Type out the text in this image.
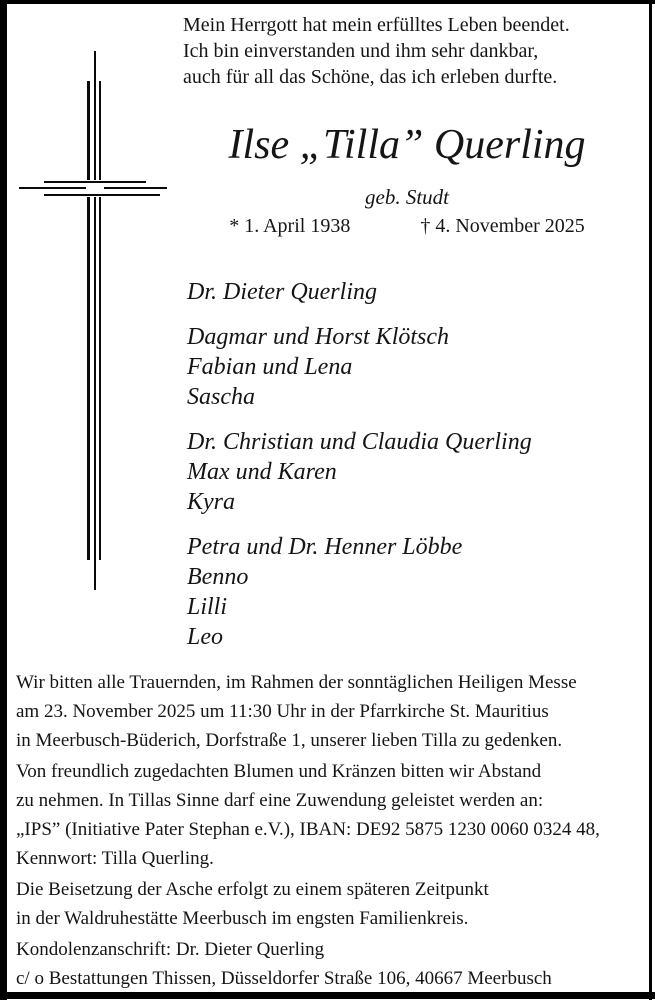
Mein Herrgott hat mein erfülltes Leben beendet.
Ich bin einverstanden und ihm sehr dankbar,
auch für all das Schöne, das ich erleben durfte.
Ilse „Tilla” Querling
geb. Studt
* 1. April 1938	† 4. November 2025
Dr. Dieter Querling
Dagmar und Horst Klötsch
Fabian und Lena
Sascha
Dr. Christian und Claudia Querling
Max und Karen
Kyra
Petra und Dr. Henner Löbbe
Benno
Lilli
Leo
Wir bitten alle Trauernden, im Rahmen der sonntäglichen Heiligen Messe
am 23. November 2025 um 11:30 Uhr in der Pfarrkirche St. Mauritius
in Meerbusch-Büderich, Dorfstraße 1, unserer lieben Tilla zu gedenken.
Von freundlich zugedachten Blumen und Kränzen bitten wir Abstand
zu nehmen. In Tillas Sinne darf eine Zuwendung geleistet werden an:
„IPS” (Initiative Pater Stephan e.V.), IBAN: DE92 5875 1230 0060 0324 48,
Kennwort: Tilla Querling.
Die Beisetzung der Asche erfolgt zu einem späteren Zeitpunkt
in der Waldruhestätte Meerbusch im engsten Familienkreis.
Kondolenzanschrift: Dr. Dieter Querling
c/ o Bestattungen Thissen, Düsseldorfer Straße 106, 40667 Meerbusch
